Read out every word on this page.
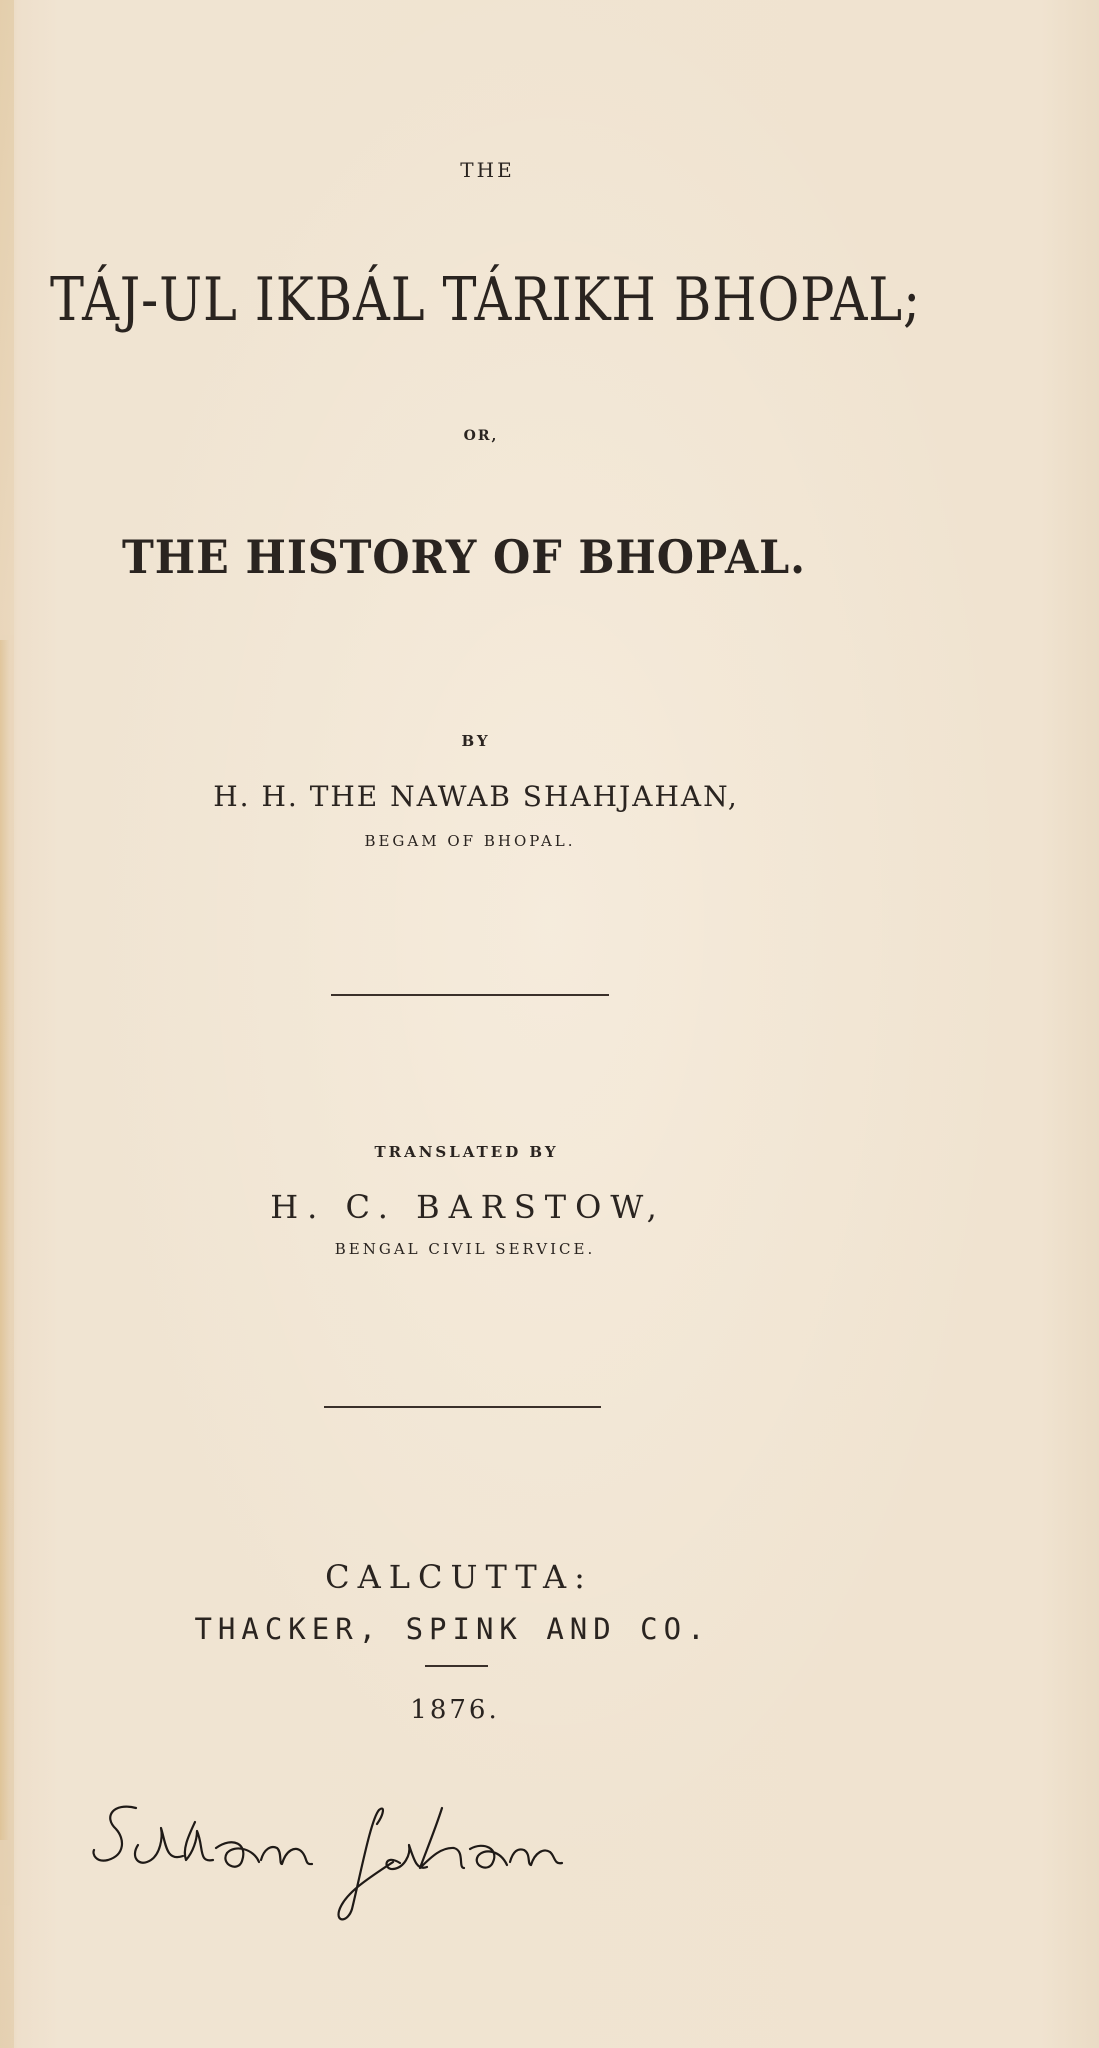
THE

TÁJ-UL IKBÁL TÁRIKH BHOPAL;

OR,

THE HISTORY OF BHOPAL.

BY

H. H. THE NAWAB SHAHJAHAN,

BEGAM OF BHOPAL.

TRANSLATED BY

H. C. BARSTOW,

BENGAL CIVIL SERVICE.

CALCUTTA:

THACKER, SPINK AND CO.

1876.
